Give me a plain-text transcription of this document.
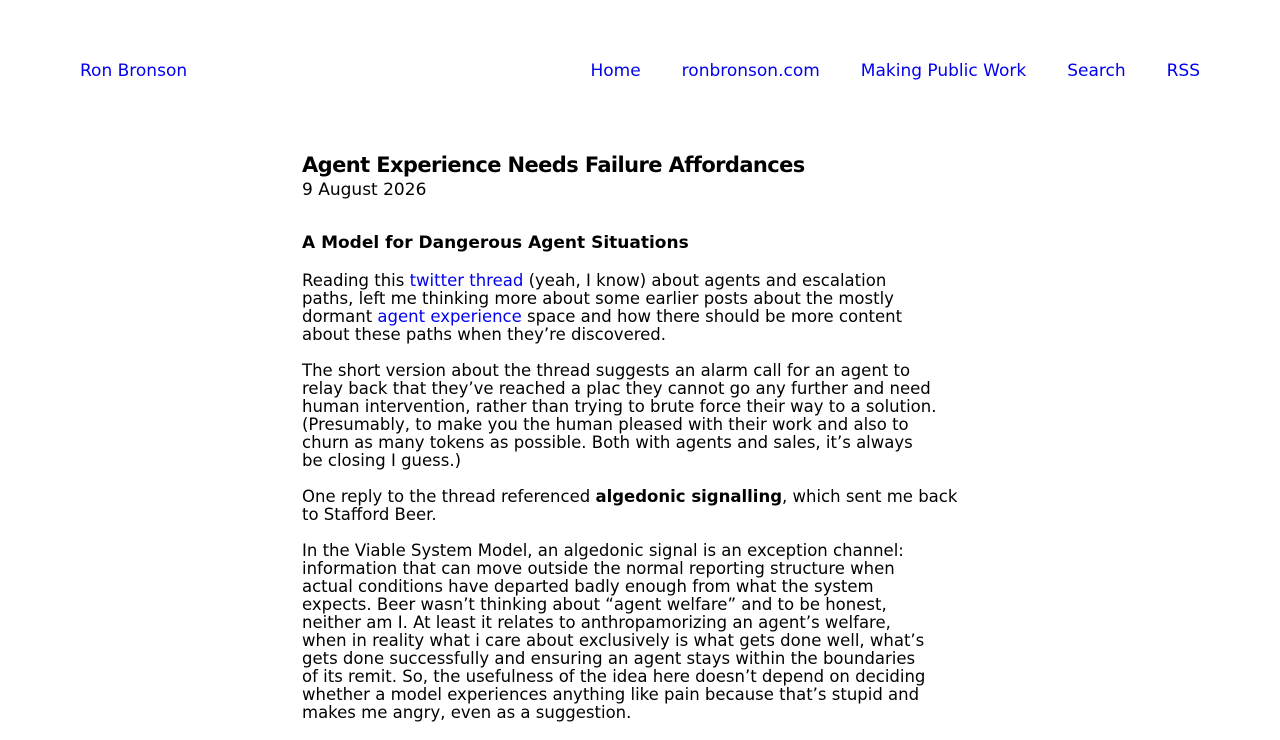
Ron Bronson	Home ronbronson.com Making Public Work Search RSS
Agent Experience Needs Failure Affordances
9 August 2026
A Model for Dangerous Agent Situations

Reading this twitter thread (yeah, I know) about agents and escalation
paths, left me thinking more about some earlier posts about the mostly
dormant agent experience space and how there should be more content
about these paths when they’re discovered.

The short version about the thread suggests an alarm call for an agent to
relay back that they’ve reached a plac they cannot go any further and need
human intervention, rather than trying to brute force their way to a solution.
(Presumably, to make you the human pleased with their work and also to
churn as many tokens as possible. Both with agents and sales, it’s always
be closing I guess.)

One reply to the thread referenced algedonic signalling, which sent me back
to Stafford Beer.

In the Viable System Model, an algedonic signal is an exception channel:
information that can move outside the normal reporting structure when
actual conditions have departed badly enough from what the system
expects. Beer wasn’t thinking about “agent welfare” and to be honest,
neither am I. At least it relates to anthropamorizing an agent’s welfare,
when in reality what i care about exclusively is what gets done well, what’s
gets done successfully and ensuring an agent stays within the boundaries
of its remit. So, the usefulness of the idea here doesn’t depend on deciding
whether a model experiences anything like pain because that’s stupid and
makes me angry, even as a suggestion.
